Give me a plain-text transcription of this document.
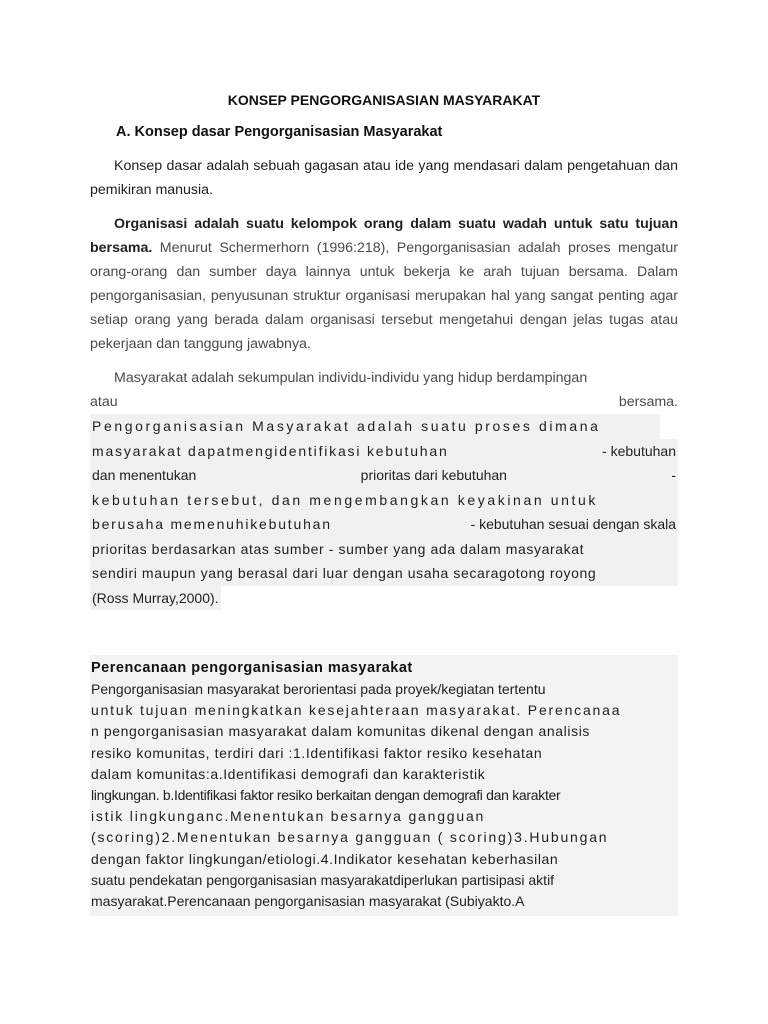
KONSEP PENGORGANISASIAN MASYARAKAT

A. Konsep dasar Pengorganisasian Masyarakat

Konsep dasar adalah sebuah gagasan atau ide yang mendasari dalam pengetahuan dan pemikiran manusia.

Organisasi adalah suatu kelompok orang dalam suatu wadah untuk satu tujuan bersama. Menurut Schermerhorn (1996:218), Pengorganisasian adalah proses mengatur orang-orang dan sumber daya lainnya untuk bekerja ke arah tujuan bersama. Dalam pengorganisasian, penyusunan struktur organisasi merupakan hal yang sangat penting agar setiap orang yang berada dalam organisasi tersebut mengetahui dengan jelas tugas atau pekerjaan dan tanggung jawabnya.

Masyarakat adalah sekumpulan individu-individu yang hidup berdampingan

atau	bersama.

Pengorganisasian Masyarakat adalah suatu proses dimana

masyarakat dapatmengidentifikasi kebutuhan	- kebutuhan
dan menentukan	prioritas dari kebutuhan	-

kebutuhan tersebut, dan mengembangkan keyakinan untuk

berusaha memenuhikebutuhan	- kebutuhan sesuai dengan skala

prioritas berdasarkan atas sumber - sumber yang ada dalam masyarakat

sendiri maupun yang berasal dari luar dengan usaha secaragotong royong

(Ross Murray,2000).

Perencanaan pengorganisasian masyarakat

Pengorganisasian masyarakat berorientasi pada proyek/kegiatan tertentu

untuk tujuan meningkatkan kesejahteraan masyarakat. Perencanaa

n pengorganisasian masyarakat dalam komunitas dikenal dengan analisis

resiko komunitas, terdiri dari :1.Identifikasi faktor resiko kesehatan

dalam komunitas:a.Identifikasi demografi dan karakteristik

lingkungan. b.Identifikasi faktor resiko berkaitan dengan demografi dan karakter

istik lingkunganc.Menentukan besarnya gangguan

(scoring)2.Menentukan besarnya gangguan ( scoring)3.Hubungan

dengan faktor lingkungan/etiologi.4.Indikator kesehatan keberhasilan

suatu pendekatan pengorganisasian masyarakatdiperlukan partisipasi aktif

masyarakat.Perencanaan pengorganisasian masyarakat (Subiyakto.A
